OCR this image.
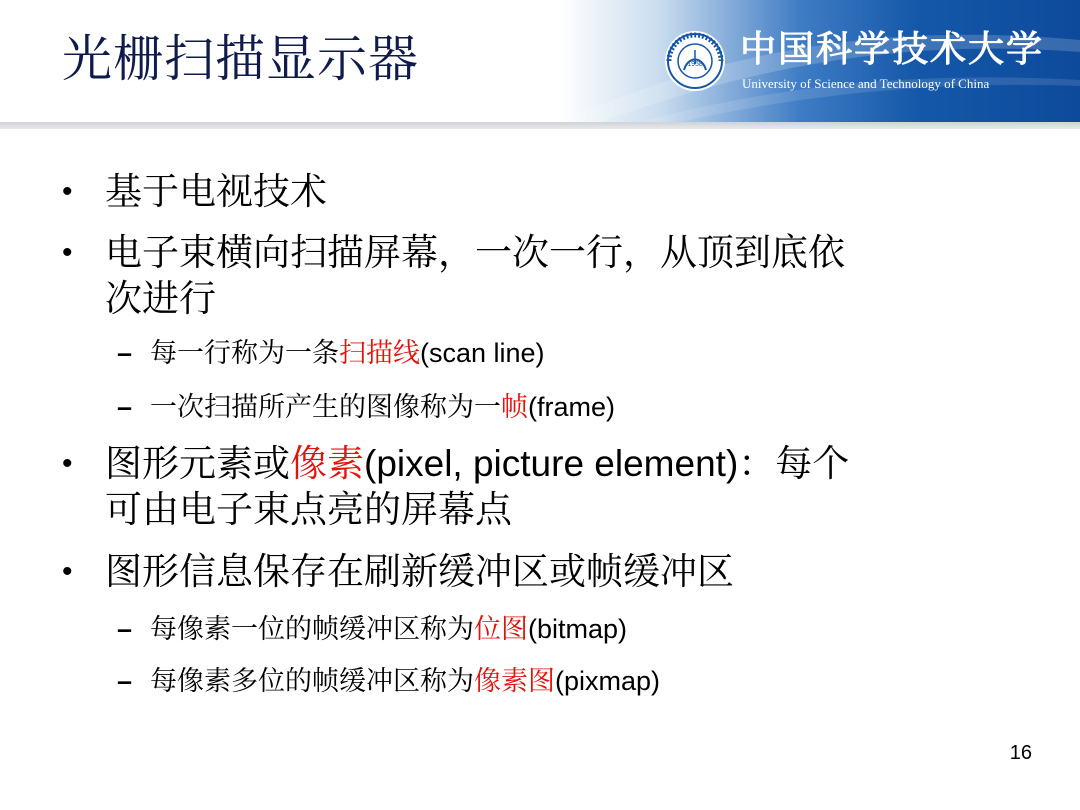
光栅扫描显示器	1958 中国科学技术大学
University of Science and Technology of China
• 基于电视技术
• 电子束横向扫描屏幕，一次一行，从顶到底依
次进行
– 每一行称为一条扫描线(scan line)
– 一次扫描所产生的图像称为一帧(frame)
• 图形元素或像素(pixel, picture element)：每个
可由电子束点亮的屏幕点
• 图形信息保存在刷新缓冲区或帧缓冲区
– 每像素一位的帧缓冲区称为位图(bitmap)
– 每像素多位的帧缓冲区称为像素图(pixmap)
16
